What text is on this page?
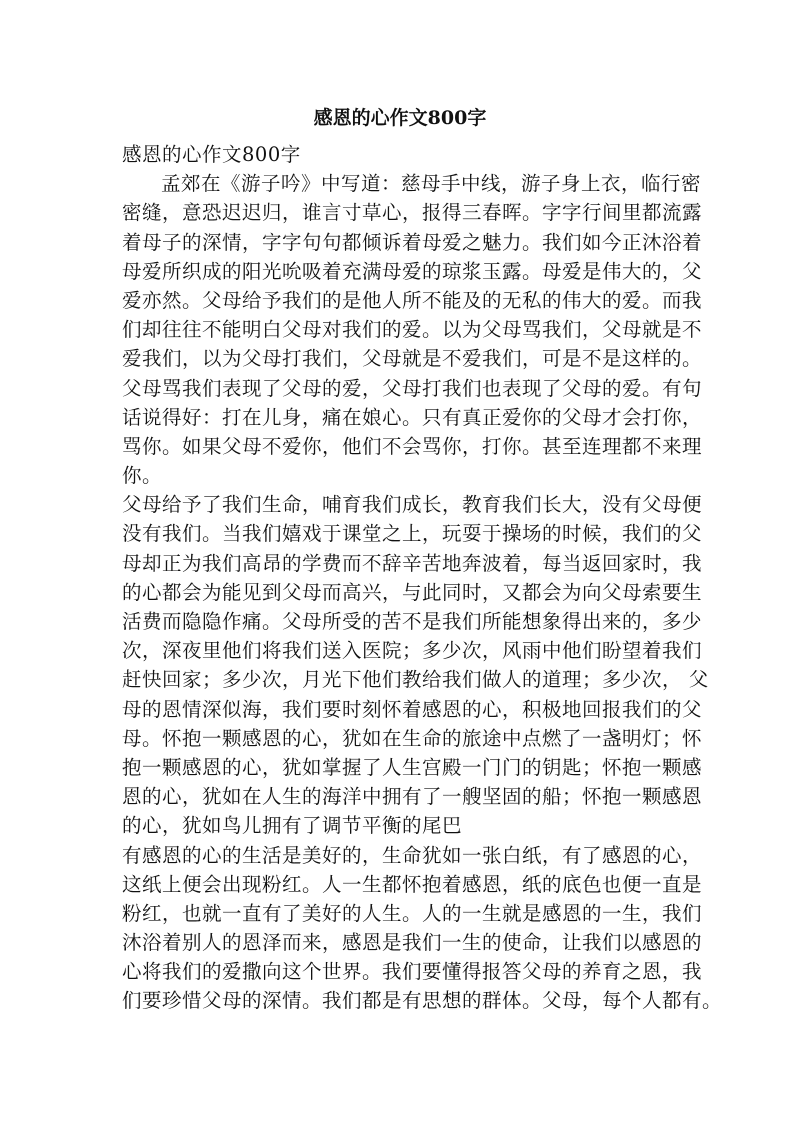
感恩的心作文800字
感恩的心作文800字
孟郊在《游子吟》中写道：慈母手中线，游子身上衣，临行密
密缝，意恐迟迟归，谁言寸草心，报得三春晖。字字行间里都流露
着母子的深情，字字句句都倾诉着母爱之魅力。我们如今正沐浴着
母爱所织成的阳光吮吸着充满母爱的琼浆玉露。母爱是伟大的，父
爱亦然。父母给予我们的是他人所不能及的无私的伟大的爱。而我
们却往往不能明白父母对我们的爱。以为父母骂我们，父母就是不
爱我们，以为父母打我们，父母就是不爱我们，可是不是这样的。
父母骂我们表现了父母的爱，父母打我们也表现了父母的爱。有句
话说得好：打在儿身，痛在娘心。只有真正爱你的父母才会打你，
骂你。如果父母不爱你，他们不会骂你，打你。甚至连理都不来理
你。
父母给予了我们生命，哺育我们成长，教育我们长大，没有父母便
没有我们。当我们嬉戏于课堂之上，玩耍于操场的时候，我们的父
母却正为我们高昂的学费而不辞辛苦地奔波着，每当返回家时，我
的心都会为能见到父母而高兴，与此同时，又都会为向父母索要生
活费而隐隐作痛。父母所受的苦不是我们所能想象得出来的，多少
次，深夜里他们将我们送入医院；多少次，风雨中他们盼望着我们
赶快回家；多少次，月光下他们教给我们做人的道理；多少次， 父
母的恩情深似海，我们要时刻怀着感恩的心，积极地回报我们的父
母。怀抱一颗感恩的心，犹如在生命的旅途中点燃了一盏明灯；怀
抱一颗感恩的心，犹如掌握了人生宫殿一门门的钥匙；怀抱一颗感
恩的心，犹如在人生的海洋中拥有了一艘坚固的船；怀抱一颗感恩
的心，犹如鸟儿拥有了调节平衡的尾巴
有感恩的心的生活是美好的，生命犹如一张白纸，有了感恩的心，
这纸上便会出现粉红。人一生都怀抱着感恩，纸的底色也便一直是
粉红，也就一直有了美好的人生。人的一生就是感恩的一生，我们
沐浴着别人的恩泽而来，感恩是我们一生的使命，让我们以感恩的
心将我们的爱撒向这个世界。我们要懂得报答父母的养育之恩，我
们要珍惜父母的深情。我们都是有思想的群体。父母，每个人都有。
